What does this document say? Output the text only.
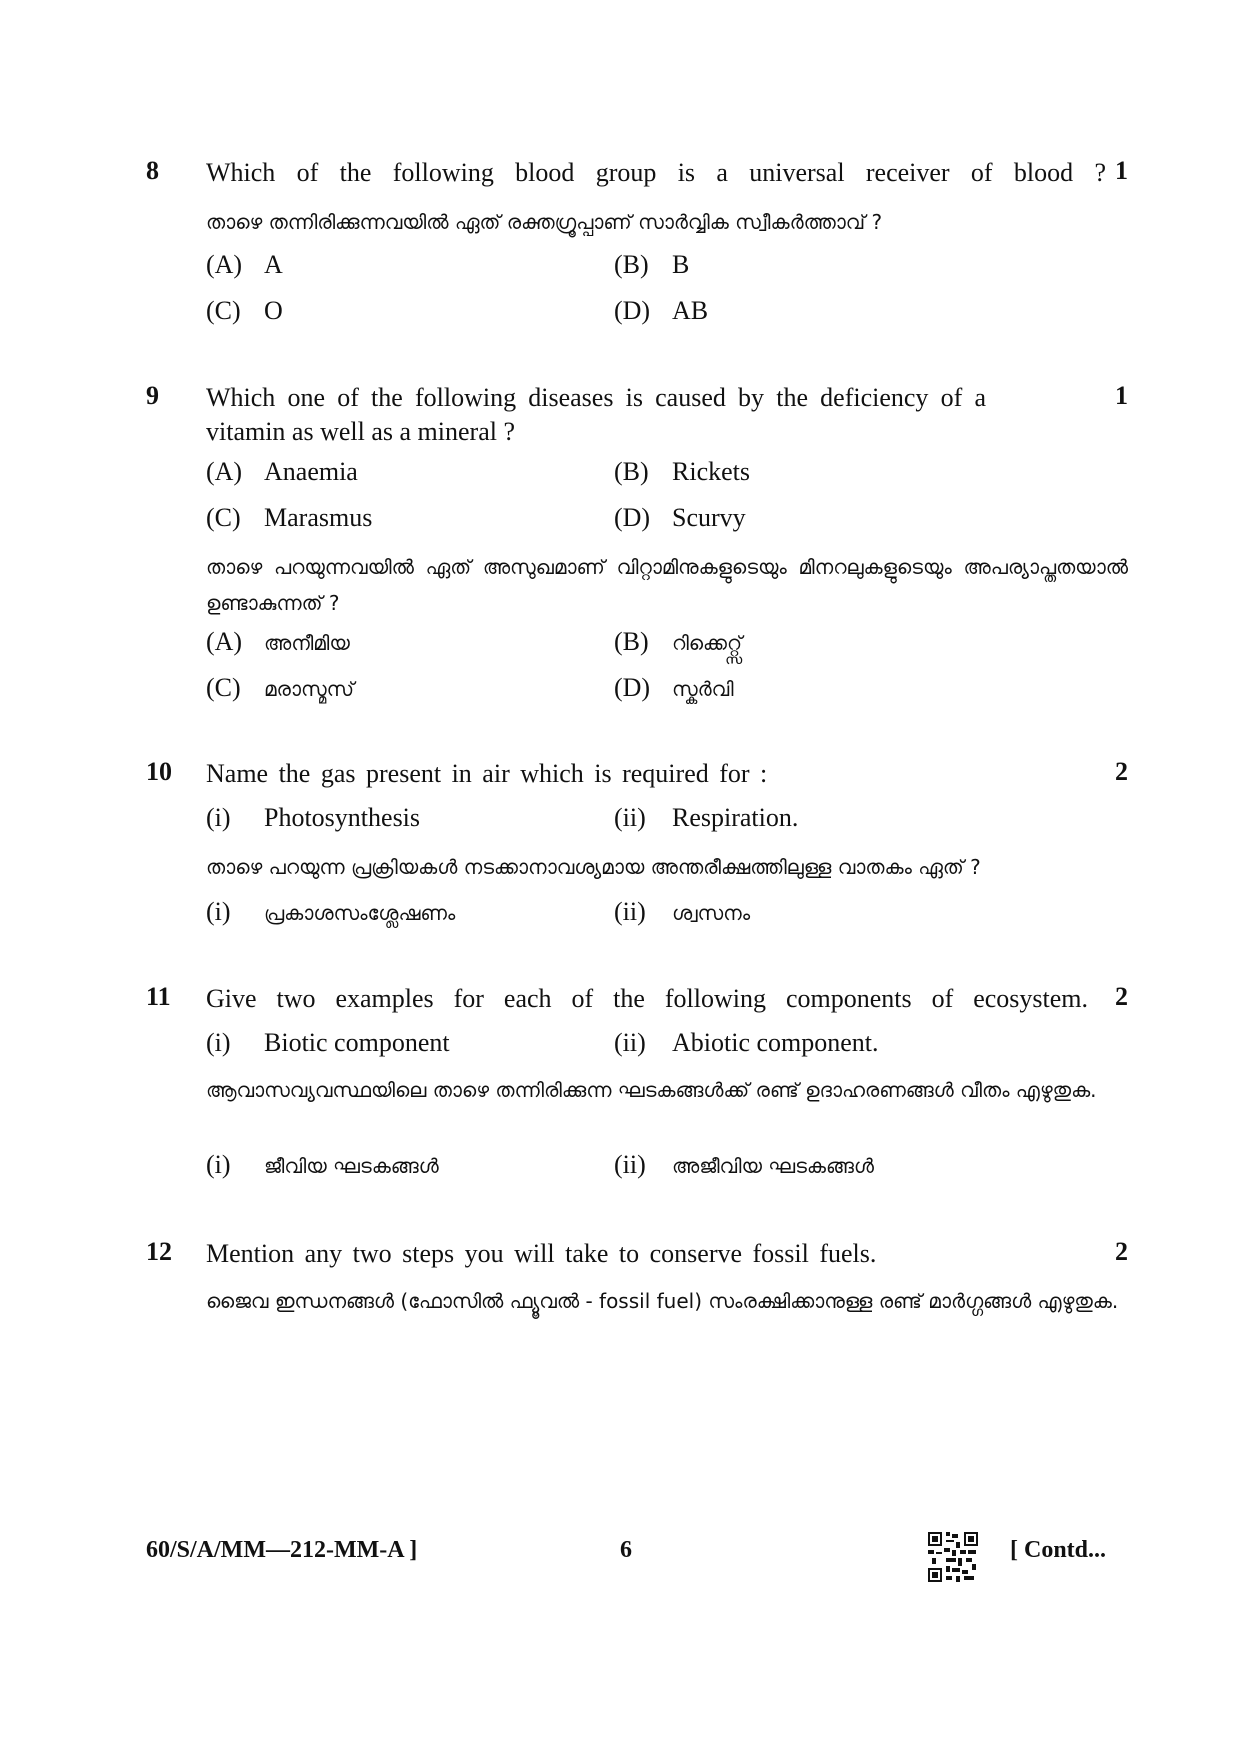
8 Which of the following blood group is a universal receiver of blood ? 1
താഴെ തന്നിരിക്കുന്നവയിൽ ഏത് രക്തഗ്രൂപ്പാണ് സാർവ്വിക സ്വീകർത്താവ് ?
(A) A	(B) B
(C) O	(D) AB
9 Which one of the following diseases is caused by the deficiency of a vitamin as well as a mineral ?
1
(A) Anaemia	(B) Rickets
(C) Marasmus	(D) Scurvy
താഴെ പറയുന്നവയിൽ ഏത് അസുഖമാണ് വിറ്റാമിനുകളുടെയും മിനറലുകളുടെയും അപര്യാപ്തതയാൽ ഉണ്ടാകുന്നത് ?
(A) അനീമിയ	(B) റിക്കെറ്റ്സ്
(C) മരാസ്മസ്	(D) സ്കർവി
10 Name the gas present in air which is required for :	2
(i) Photosynthesis	(ii) Respiration.
താഴെ പറയുന്ന പ്രക്രിയകൾ നടക്കാനാവശ്യമായ അന്തരീക്ഷത്തിലുള്ള വാതകം ഏത് ?
(i) പ്രകാശസംശ്ലേഷണം	(ii) ശ്വസനം
11 Give two examples for each of the following components of ecosystem. 2
(i) Biotic component	(ii) Abiotic component.
ആവാസവ്യവസ്ഥയിലെ താഴെ തന്നിരിക്കുന്ന ഘടകങ്ങൾക്ക് രണ്ട് ഉദാഹരണങ്ങൾ വീതം എഴുതുക.
(i) ജീവിയ ഘടകങ്ങൾ	(ii) അജീവിയ ഘടകങ്ങൾ
12 Mention any two steps you will take to conserve fossil fuels.	2
ജൈവ ഇന്ധനങ്ങൾ (ഫോസിൽ ഫ്യൂവൽ - fossil fuel) സംരക്ഷിക്കാനുള്ള രണ്ട് മാർഗ്ഗങ്ങൾ എഴുതുക.
60/S/A/MM—212-MM-A ]	6	[ Contd...
